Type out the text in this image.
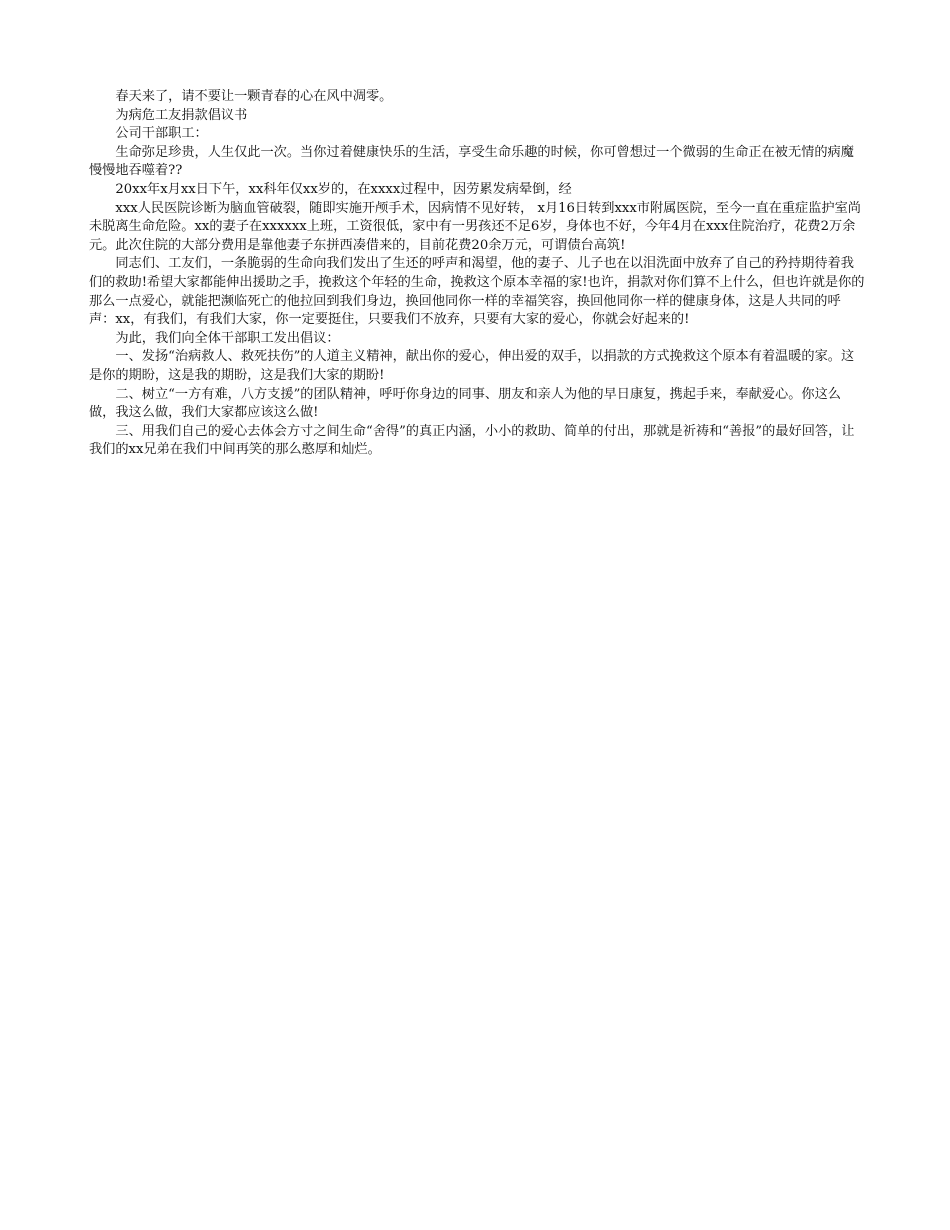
春天来了，请不要让一颗青春的心在风中凋零。

为病危工友捐款倡议书

公司干部职工：

生命弥足珍贵，人生仅此一次。当你过着健康快乐的生活，享受生命乐趣的时候，你可曾想过一个微弱的生命正在被无情的病魔慢慢地吞噬着??

20xx年x月xx日下午，xx科年仅xx岁的，在xxxx过程中，因劳累发病晕倒，经

xxx人民医院诊断为脑血管破裂，随即实施开颅手术，因病情不见好转， x月16日转到xxx市附属医院，至今一直在重症监护室尚未脱离生命危险。xx的妻子在xxxxxx上班，工资很低，家中有一男孩还不足6岁，身体也不好，今年4月在xxx住院治疗，花费2万余元。此次住院的大部分费用是靠他妻子东拼西凑借来的，目前花费20余万元，可谓债台高筑!

同志们、工友们，一条脆弱的生命向我们发出了生还的呼声和渴望，他的妻子、儿子也在以泪洗面中放弃了自己的矜持期待着我们的救助!希望大家都能伸出援助之手，挽救这个年轻的生命，挽救这个原本幸福的家!也许，捐款对你们算不上什么，但也许就是你的那么一点爱心，就能把濒临死亡的他拉回到我们身边，换回他同你一样的幸福笑容，换回他同你一样的健康身体，这是人共同的呼声：xx，有我们，有我们大家，你一定要挺住，只要我们不放弃，只要有大家的爱心，你就会好起来的!

为此，我们向全体干部职工发出倡议：

一、发扬“治病救人、救死扶伤”的人道主义精神，献出你的爱心，伸出爱的双手，以捐款的方式挽救这个原本有着温暖的家。这是你的期盼，这是我的期盼，这是我们大家的期盼!

二、树立“一方有难，八方支援”的团队精神，呼吁你身边的同事、朋友和亲人为他的早日康复，携起手来，奉献爱心。你这么做，我这么做，我们大家都应该这么做!

三、用我们自己的爱心去体会方寸之间生命“舍得”的真正内涵，小小的救助、简单的付出，那就是祈祷和“善报”的最好回答，让我们的xx兄弟在我们中间再笑的那么憨厚和灿烂。
